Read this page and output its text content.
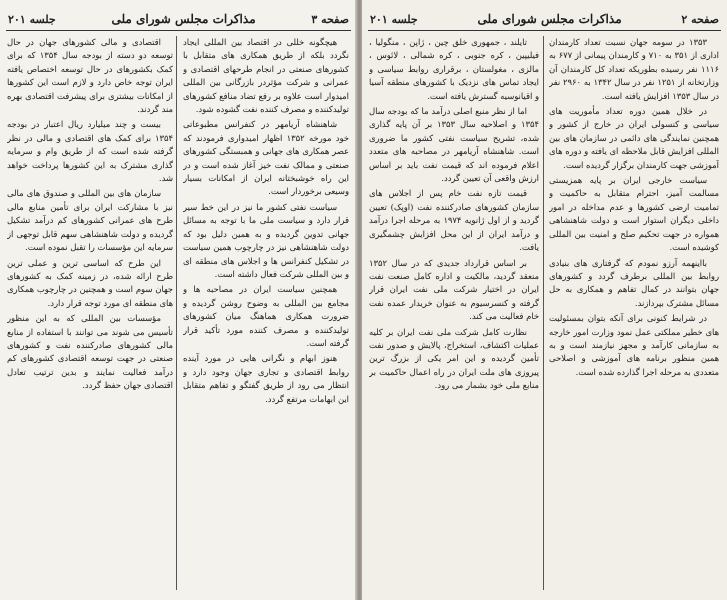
صفحه ۳
مذاکرات مجلس شورای ملی
جلسه ۲۰۱

هیچگونه خللی در اقتصاد بین المللی ایجاد نگردد بلکه از طریق همکاری های متقابل با کشورهای صنعتی در انجام طرحهای اقتصادی و عمرانی و شرکت مؤثردر بازرگانی بین المللی امیدوار است علاوه بر رفع تضاد منافع کشورهای تولیدکننده و مصرف کننده نفت گشوده شود.

شاهنشاه آریامهر در کنفرانس مطبوعاتی خود مورخه ۱۳۵۲ اظهار امیدواری فرمودند که عصر همکاری های جهانی و همبستگی کشورهای صنعتی و ممالک نفت خیز آغاز شده است و در این راه خوشبختانه ایران از امکانات بسیار وسیعی برخوردار است.

سیاست نفتی کشور ما نیز در این خط سیر قرار دارد و سیاست ملی ما با توجه به مسائل جهانی تدوین گردیده و به همین دلیل بود که دولت شاهنشاهی نیز در چارچوب همین سیاست در تشکیل کنفرانس ها و اجلاس های منطقه ای و بین المللی شرکت فعال داشته است.

همچنین سیاست ایران در مصاحبه ها و مجامع بین المللی به وضوح روشن گردیده و ضرورت همکاری هماهنگ میان کشورهای تولیدکننده و مصرف کننده مورد تأکید قرار گرفته است.

هنوز ابهام و نگرانی هایی در مورد آینده روابط اقتصادی و تجاری جهان وجود دارد و انتظار می رود از طریق گفتگو و تفاهم متقابل این ابهامات مرتفع گردد.

اقتصادی و مالی کشورهای جهان در حال توسعه دو دسته از بودجه سال ۱۳۵۴ که برای کمک بکشورهای در حال توسعه اختصاص یافته ایران توجه خاص دارد و لازم است این کشورها از امکانات بیشتری برای پیشرفت اقتصادی بهره مند گردند.

بیست و چند میلیارد ریال اعتبار در بودجه ۱۳۵۴ برای کمک های اقتصادی و مالی در نظر گرفته شده است که از طریق وام و سرمایه گذاری مشترک به این کشورها پرداخت خواهد شد.

سازمان های بین المللی و صندوق های مالی نیز با مشارکت ایران برای تأمین منابع مالی طرح های عمرانی کشورهای کم درآمد تشکیل گردیده و دولت شاهنشاهی سهم قابل توجهی از سرمایه این مؤسسات را تقبل نموده است.

این طرح که اساسی ترین و عملی ترین طرح ارائه شده، در زمینه کمک به کشورهای جهان سوم است و همچنین در چارچوب همکاری های منطقه ای مورد توجه قرار دارد.

مؤسسات بین المللی که به این منظور تأسیس می شوند می توانند با استفاده از منابع مالی کشورهای صادرکننده نفت و کشورهای صنعتی در جهت توسعه اقتصادی کشورهای کم درآمد فعالیت نمایند و بدین ترتیب تعادل اقتصادی جهان حفظ گردد.

صفحه ۲
مذاکرات مجلس شورای ملی
جلسه ۲۰۱

۱۳۵۳ در سومه جهان نسبت تعداد کارمندان اداری از ۳۵۱ به ۷۱۰ و کارمندان پیمانی از ۶۷۷ به ۱۱۱۶ نفر رسیده بطوریکه تعداد کل کارمندان آن وزارتخانه از ۱۲۵۱ نفر در سال ۱۳۴۲ به ۲۹۶۰ نفر در سال ۱۳۵۳ افزایش یافته است.

در خلال همین دوره تعداد مأموریت های سیاسی و کنسولی ایران در خارج از کشور و همچنین نمایندگی های دائمی در سازمان های بین المللی افزایش قابل ملاحظه ای یافته و دوره های آموزشی جهت کارمندان برگزار گردیده است.

سیاست خارجی ایران بر پایه همزیستی مسالمت آمیز، احترام متقابل به حاکمیت و تمامیت ارضی کشورها و عدم مداخله در امور داخلی دیگران استوار است و دولت شاهنشاهی همواره در جهت تحکیم صلح و امنیت بین المللی کوشیده است.

بااینهمه آرزو نمودم که گرفتاری های بنیادی روابط بین المللی برطرف گردد و کشورهای جهان بتوانند در کمال تفاهم و همکاری به حل مسائل مشترک بپردازند.

در شرایط کنونی برای آنکه بتوان بمسئولیت های خطیر مملکتی عمل نمود وزارت امور خارجه به سازمانی کارآمد و مجهز نیازمند است و به همین منظور برنامه های آموزشی و اصلاحی متعددی به مرحله اجرا گذارده شده است.

تایلند ، جمهوری خلق چین ، ژاپن ، منگولیا ، فیلیپین ، کره جنوبی ، کره شمالی ، لائوس ، مالزی ، مغولستان ، برقراری روابط سیاسی و ایجاد تماس های نزدیک با کشورهای منطقه آسیا و اقیانوسیه گسترش یافته است.

اما از نظر منبع اصلی درآمد ما که بودجه سال ۱۳۵۴ و اصلاحیه سال ۱۳۵۳ بر آن پایه گذاری شده، تشریح سیاست نفتی کشور ما ضروری است. شاهنشاه آریامهر در مصاحبه های متعدد اعلام فرموده اند که قیمت نفت باید بر اساس ارزش واقعی آن تعیین گردد.

قیمت تازه نفت خام پس از اجلاس های سازمان کشورهای صادرکننده نفت (اوپک) تعیین گردید و از اول ژانویه ۱۹۷۴ به مرحله اجرا درآمد و درآمد ایران از این محل افزایش چشمگیری یافت.

بر اساس قرارداد جدیدی که در سال ۱۳۵۲ منعقد گردید، مالکیت و اداره کامل صنعت نفت ایران در اختیار شرکت ملی نفت ایران قرار گرفته و کنسرسیوم به عنوان خریدار عمده نفت خام فعالیت می کند.

نظارت کامل شرکت ملی نفت ایران بر کلیه عملیات اکتشاف، استخراج، پالایش و صدور نفت تأمین گردیده و این امر یکی از بزرگ ترین پیروزی های ملت ایران در راه اعمال حاکمیت بر منابع ملی خود بشمار می رود.
